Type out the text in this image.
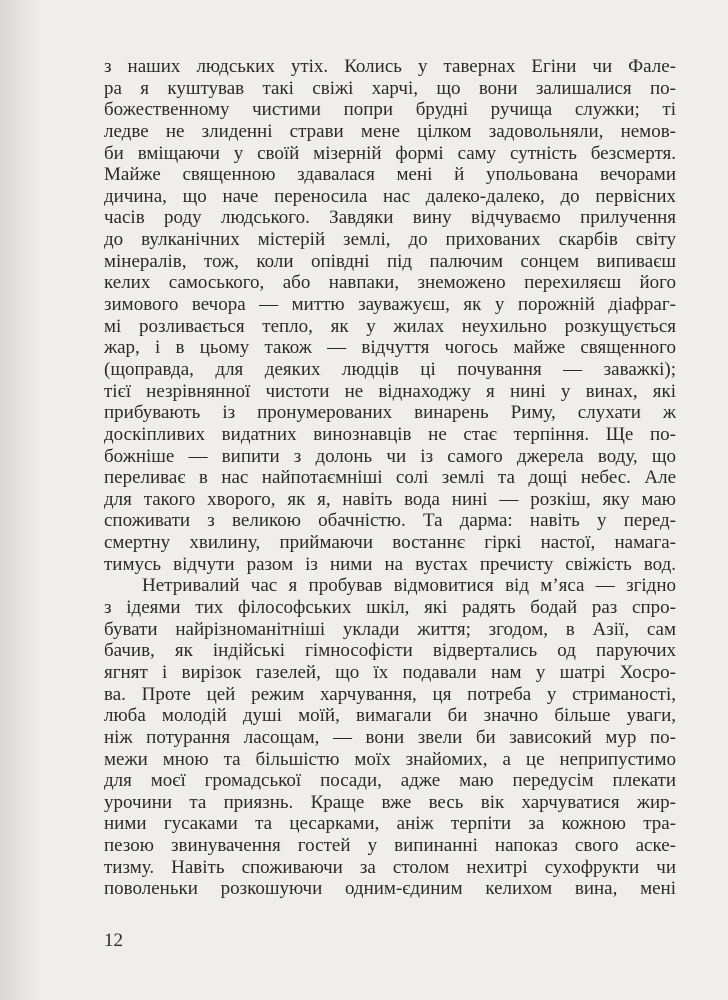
з наших людських утіх. Колись у тавернах Егіни чи Фале-
ра я куштував такі свіжі харчі, що вони залишалися по-
божественному чистими попри брудні ручища служки; ті
ледве не злиденні страви мене цілком задовольняли, немов-
би вміщаючи у своїй мізерній формі саму сутність безсмертя.
Майже священною здавалася мені й упольована вечорами
дичина, що наче переносила нас далеко-далеко, до первісних
часів роду людського. Завдяки вину відчуваємо прилучення
до вулканічних містерій землі, до прихованих скарбів світу
мінералів, тож, коли опівдні під палючим сонцем випиваєш
келих самоського, або навпаки, знеможено перехиляєш його
зимового вечора — миттю зауважуєш, як у порожній діафраг-
мі розливається тепло, як у жилах неухильно розкущується
жар, і в цьому також — відчуття чогось майже священного
(щоправда, для деяких людців ці почування — заважкі);
тієї незрівнянної чистоти не віднаходжу я нині у винах, які
прибувають із пронумерованих винарень Риму, слухати ж
доскіпливих видатних винознавців не стає терпіння. Ще по-
божніше — випити з долонь чи із самого джерела воду, що
переливає в нас найпотаємніші солі землі та дощі небес. Але
для такого хворого, як я, навіть вода нині — розкіш, яку маю
споживати з великою обачністю. Та дарма: навіть у перед-
смертну хвилину, приймаючи востаннє гіркі настої, намага-
тимусь відчути разом із ними на вустах пречисту свіжість вод.
Нетривалий час я пробував відмовитися від м’яса — згідно
з ідеями тих філософських шкіл, які радять бодай раз спро-
бувати найрізноманітніші уклади життя; згодом, в Азії, сам
бачив, як індійські гімнософісти відвертались од паруючих
ягнят і вирізок газелей, що їх подавали нам у шатрі Хосро-
ва. Проте цей режим харчування, ця потреба у стриманості,
люба молодій душі моїй, вимагали би значно більше уваги,
ніж потурання ласощам, — вони звели би зависокий мур по-
межи мною та більшістю моїх знайомих, а це неприпустимо
для моєї громадської посади, адже маю передусім плекати
урочини та приязнь. Краще вже весь вік харчуватися жир-
ними гусаками та цесарками, аніж терпіти за кожною тра-
пезою звинувачення гостей у випинанні напоказ свого аске-
тизму. Навіть споживаючи за столом нехитрі сухофрукти чи
поволеньки розкошуючи одним-єдиним келихом вина, мені
12
